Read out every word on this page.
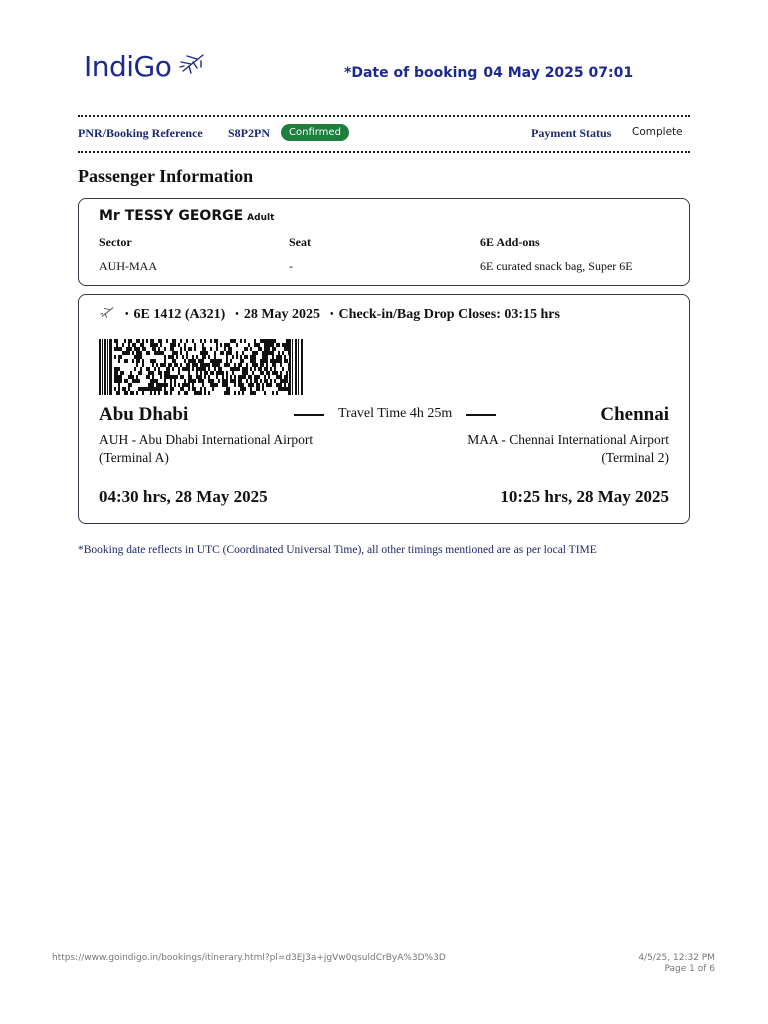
IndiGo	*Date of booking 04 May 2025 07:01
PNR/Booking Reference S8P2PN	Confirmed	Payment Status Complete
Passenger Information
Mr TESSY GEORGE Adult
Sector	Seat	6E Add-ons
AUH-MAA	-	6E curated snack bag, Super 6E
• 6E 1412 (A321) • 28 May 2025 • Check-in/Bag Drop Closes: 03:15 hrs
Abu Dhabi	Travel Time 4h 25m	Chennai
AUH - Abu Dhabi International Airport
(Terminal A)
MAA - Chennai International Airport
(Terminal 2)
04:30 hrs, 28 May 2025	10:25 hrs, 28 May 2025
*Booking date reflects in UTC (Coordinated Universal Time), all other timings mentioned are as per local TIME
https://www.goindigo.in/bookings/itinerary.html?pl=d3EJ3a+jgVw0qsuldCrByA%3D%3D	4/5/25, 12:32 PM
Page 1 of 6
